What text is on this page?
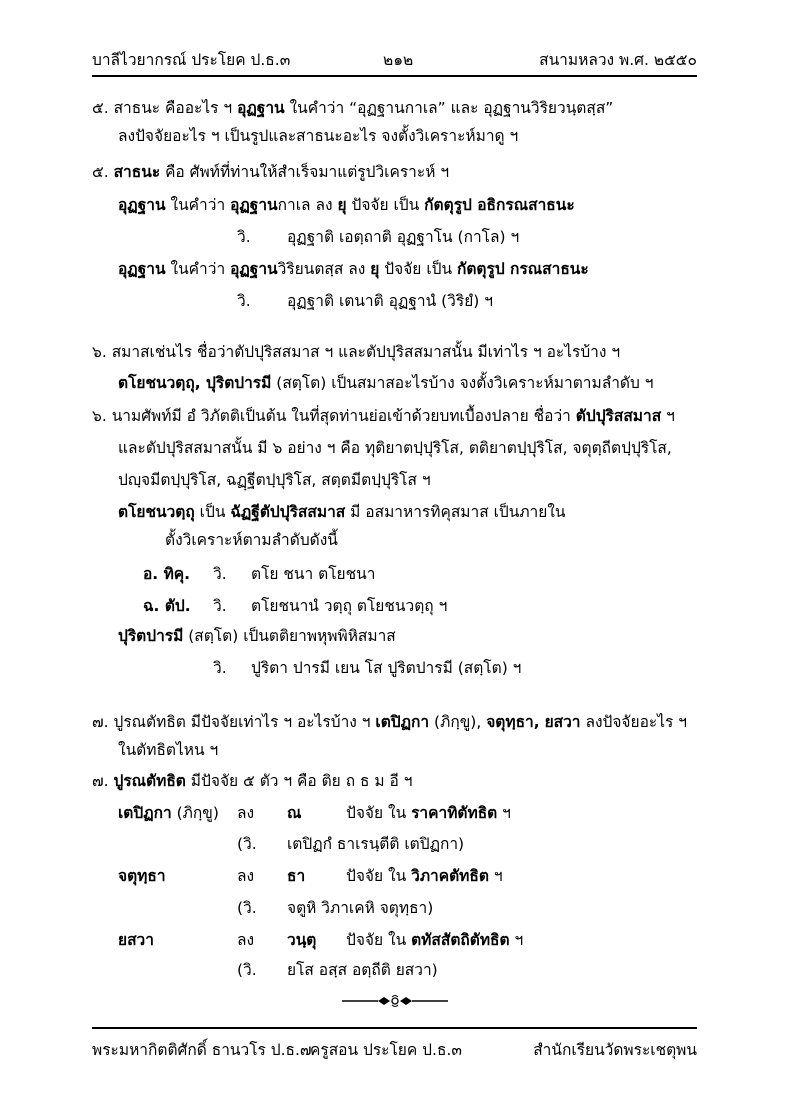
บาลีไวยากรณ์ ประโยค ป.ธ.๓	๒๑๒	สนามหลวง พ.ศ. ๒๕๕๐
๕. สาธนะ คืออะไร ฯ อุฏฐาน ในคำว่า “อุฏฐานกาเล” และ อุฏฐานวิริยวนฺตสฺส”
ลงปัจจัยอะไร ฯ เป็นรูปและสาธนะอะไร จงตั้งวิเคราะห์มาดู ฯ
๕. สาธนะ คือ ศัพท์ที่ท่านให้สำเร็จมาแต่รูปวิเคราะห์ ฯ
อุฏฐาน ในคำว่า อุฏฐานกาเล ลง ยุ ปัจจัย เป็น กัตตุรูป อธิกรณสาธนะ
วิ. อุฏฐาติ เอตฺถาติ อุฏฐาโน (กาโล) ฯ
อุฏฐาน ในคำว่า อุฏฐานวิริยนตสฺส ลง ยุ ปัจจัย เป็น กัตตุรูป กรณสาธนะ
วิ. อุฏฐาติ เตนาติ อุฏฐานํ (วิริยํ) ฯ
๖. สมาสเช่นไร ชื่อว่าตัปปุริสสมาส ฯ และตัปปุริสสมาสนั้น มีเท่าไร ฯ อะไรบ้าง ฯ
ตโยชนวตฺถุ, ปุริตปารมี (สตฺโต) เป็นสมาสอะไรบ้าง จงตั้งวิเคราะห์มาตามลำดับ ฯ
๖. นามศัพท์มี อํ วิภัตติเป็นต้น ในที่สุดท่านย่อเข้าด้วยบทเบื้องปลาย ชื่อว่า ตัปปุริสสมาส ฯ
และตัปปุริสสมาสนั้น มี ๖ อย่าง ฯ คือ ทุติยาตปฺปุริโส, ตติยาตปฺปุริโส, จตุตฺถีตปฺปุริโส,
ปญฺจมีตปฺปุริโส, ฉฏฺฐีตปฺปุริโส, สตฺตมีตปฺปุริโส ฯ
ตโยชนวตฺถุ เป็น ฉัฏฐีตัปปุริสสมาส มี อสมาหารทิคุสมาส เป็นภายใน
ตั้งวิเคราะห์ตามลำดับดังนี้
อ. ทิคุ. วิ. ตโย ชนา ตโยชนา
ฉ. ตัป. วิ. ตโยชนานํ วตฺถุ ตโยชนวตฺถุ ฯ
ปุริตปารมี (สตฺโต) เป็นตติยาพหุพพิหิสมาส
วิ. ปูริตา ปารมี เยน โส ปูริตปารมี (สตฺโต) ฯ
๗. ปูรณตัทธิต มีปัจจัยเท่าไร ฯ อะไรบ้าง ฯ เตปิฏกา (ภิกฺขู), จตุทฺธา, ยสวา ลงปัจจัยอะไร ฯ
ในตัทธิตไหน ฯ
๗. ปูรณตัทธิต มีปัจจัย ๕ ตัว ฯ คือ ติย ถ ธ ม อี ฯ
เตปิฏกา (ภิกฺขู) ลง ณ	ปัจจัย ใน ราคาทิตัทธิต ฯ
(วิ. เตปิฏกํ ธาเรนฺตีติ เตปิฏกา)
จตุทฺธา	ลง ธา	ปัจจัย ใน วิภาคตัทธิต ฯ
(วิ. จตูหิ วิภาเคหิ จตุทฺธา)
ยสวา	ลง วนฺตุ ปัจจัย ใน ตทัสสัตถิตัทธิต ฯ
(วิ. ยโส อสฺส อตฺถีติ ยสวา)
พระมหากิตติศักดิ์ ธานวโร ป.ธ.๗
ครูสอน ประโยค ป.ธ.๓	สำนักเรียนวัดพระเชตุพน
